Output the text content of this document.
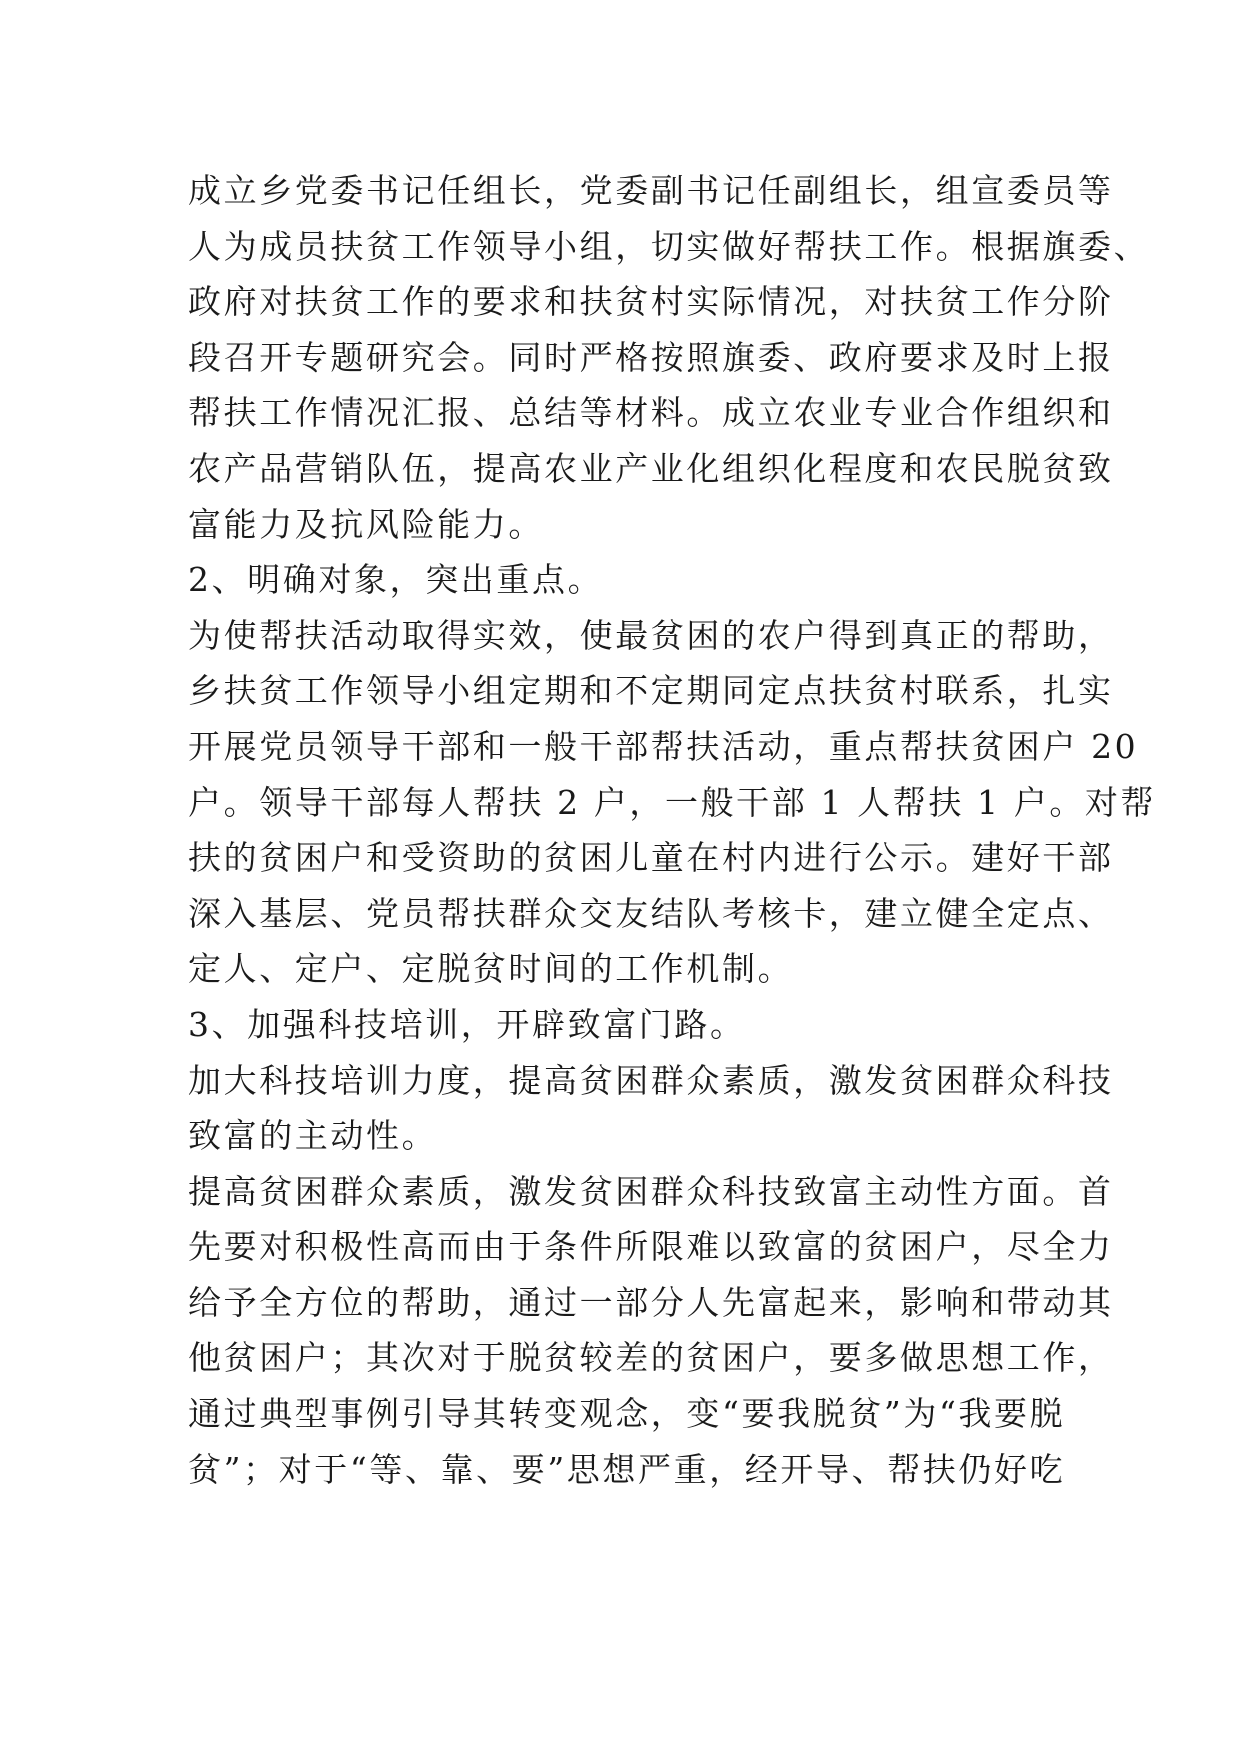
成立乡党委书记任组长，党委副书记任副组长，组宣委员等

人为成员扶贫工作领导小组，切实做好帮扶工作。根据旗委、

政府对扶贫工作的要求和扶贫村实际情况，对扶贫工作分阶

段召开专题研究会。同时严格按照旗委、政府要求及时上报

帮扶工作情况汇报、总结等材料。成立农业专业合作组织和

农产品营销队伍，提高农业产业化组织化程度和农民脱贫致

富能力及抗风险能力。

2、明确对象，突出重点。

为使帮扶活动取得实效，使最贫困的农户得到真正的帮助，

乡扶贫工作领导小组定期和不定期同定点扶贫村联系，扎实

开展党员领导干部和一般干部帮扶活动，重点帮扶贫困户 20

户。领导干部每人帮扶 2 户，一般干部 1 人帮扶 1 户。对帮

扶的贫困户和受资助的贫困儿童在村内进行公示。建好干部

深入基层、党员帮扶群众交友结队考核卡，建立健全定点、

定人、定户、定脱贫时间的工作机制。

3、加强科技培训，开辟致富门路。

加大科技培训力度，提高贫困群众素质，激发贫困群众科技

致富的主动性。

提高贫困群众素质，激发贫困群众科技致富主动性方面。首

先要对积极性高而由于条件所限难以致富的贫困户，尽全力

给予全方位的帮助，通过一部分人先富起来，影响和带动其

他贫困户；其次对于脱贫较差的贫困户，要多做思想工作，

通过典型事例引导其转变观念，变“要我脱贫”为“我要脱

贫”；对于“等、靠、要”思想严重，经开导、帮扶仍好吃
